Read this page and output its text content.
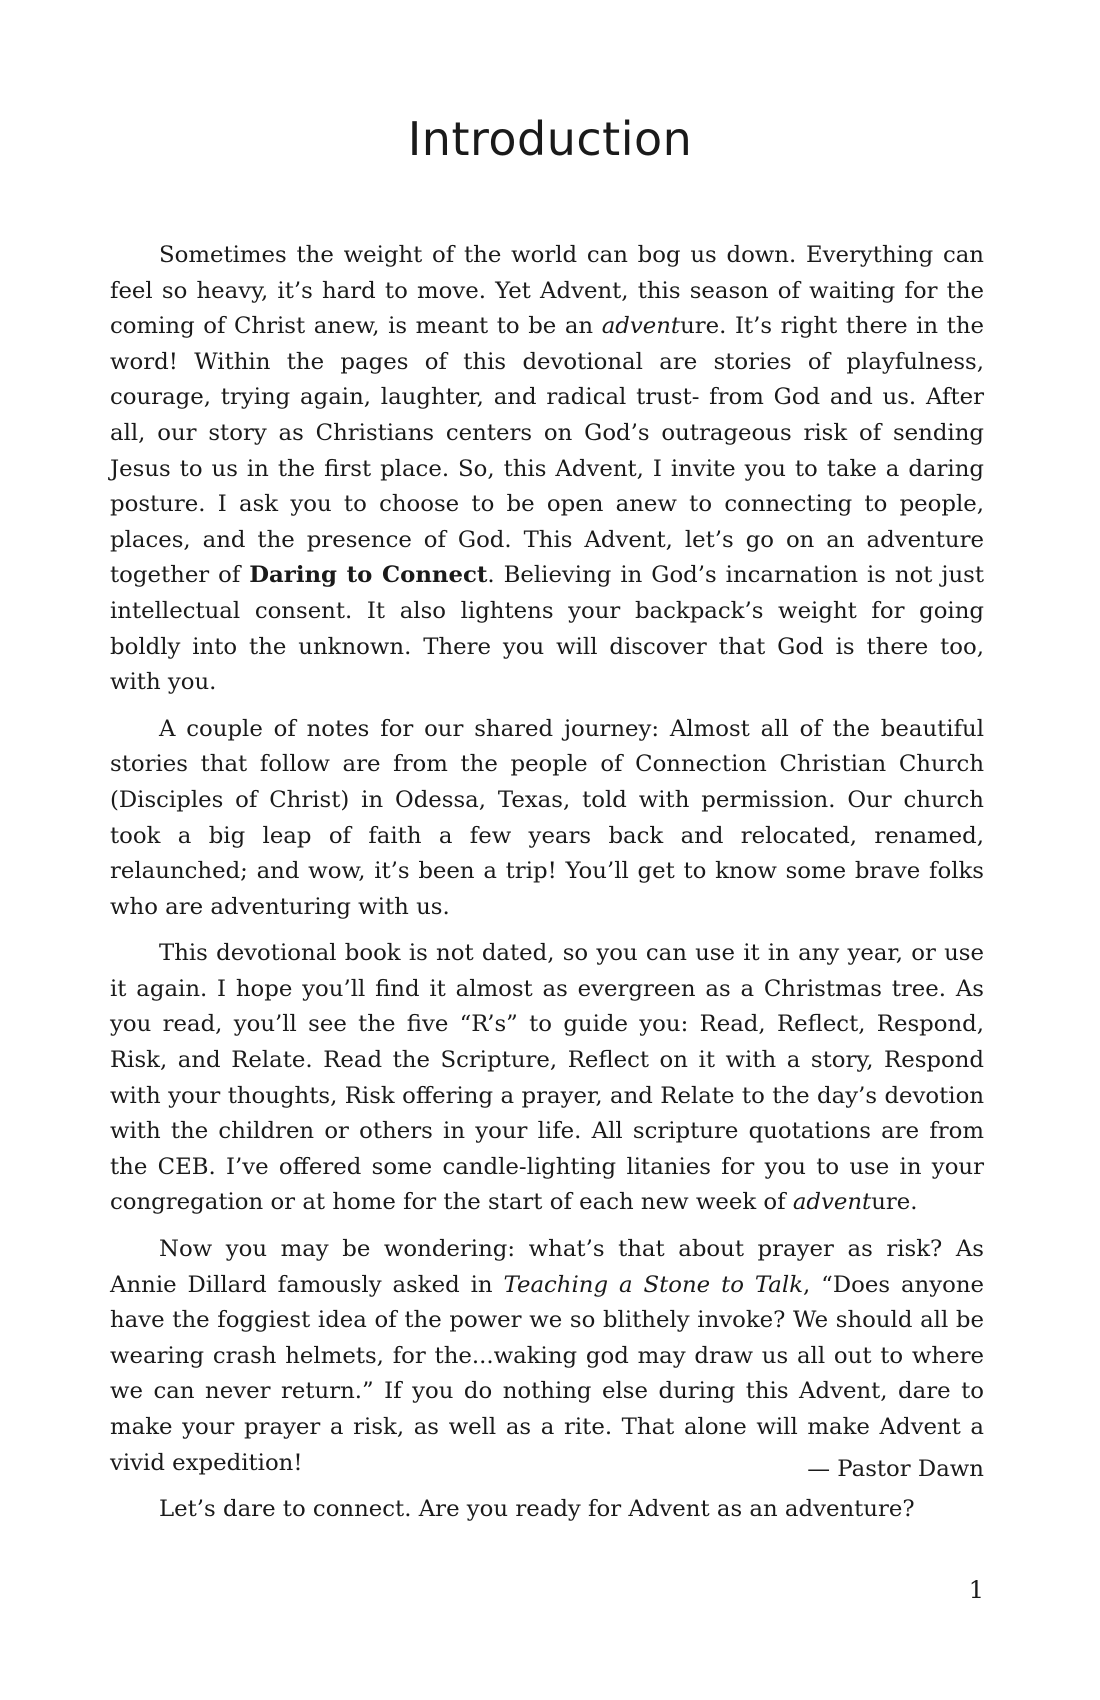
Introduction

Sometimes the weight of the world can bog us down. Everything can feel so heavy, it’s hard to move. Yet Advent, this season of waiting for the coming of Christ anew, is meant to be an adventure. It’s right there in the word! Within the pages of this devotional are stories of playfulness, courage, trying again, laughter, and radical trust- from God and us. After all, our story as Christians centers on God’s outrageous risk of sending Jesus to us in the first place. So, this Advent, I invite you to take a daring posture. I ask you to choose to be open anew to connecting to people, places, and the presence of God. This Advent, let’s go on an adventure together of Daring to Connect. Believing in God’s incarnation is not just intellectual consent. It also lightens your backpack’s weight for going boldly into the unknown. There you will discover that God is there too, with you.

A couple of notes for our shared journey: Almost all of the beautiful stories that follow are from the people of Connection Christian Church (Disciples of Christ) in Odessa, Texas, told with permission. Our church took a big leap of faith a few years back and relocated, renamed, relaunched; and wow, it’s been a trip! You’ll get to know some brave folks who are adventuring with us.

This devotional book is not dated, so you can use it in any year, or use it again. I hope you’ll find it almost as evergreen as a Christmas tree. As you read, you’ll see the five “R’s” to guide you: Read, Reflect, Respond, Risk, and Relate. Read the Scripture, Reflect on it with a story, Respond with your thoughts, Risk offering a prayer, and Relate to the day’s devotion with the children or others in your life. All scripture quotations are from the CEB. I’ve offered some candle-lighting litanies for you to use in your congregation or at home for the start of each new week of adventure.

Now you may be wondering: what’s that about prayer as risk? As Annie Dillard famously asked in Teaching a Stone to Talk, “Does anyone have the foggiest idea of the power we so blithely invoke? We should all be wearing crash helmets, for the...waking god may draw us all out to where we can never return.” If you do nothing else during this Advent, dare to make your prayer a risk, as well as a rite. That alone will make Advent a vivid expedition!

Let’s dare to connect. Are you ready for Advent as an adventure?

— Pastor Dawn
1
